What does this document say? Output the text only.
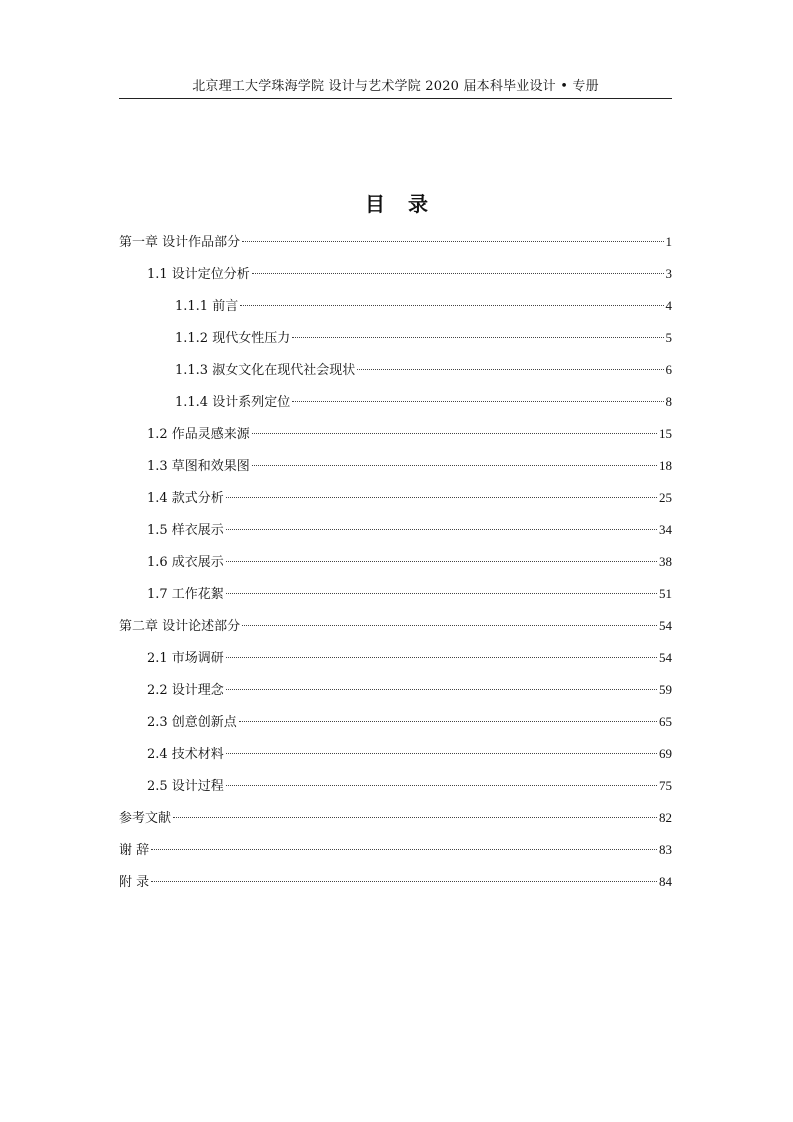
北京理工大学珠海学院 设计与艺术学院 2020 届本科毕业设计 • 专册
目 录
第一章 设计作品部分	1
1.1 设计定位分析	3
1.1.1 前言	4
1.1.2 现代女性压力	5
1.1.3 淑女文化在现代社会现状	6
1.1.4 设计系列定位	8
1.2 作品灵感来源	15
1.3 草图和效果图	18
1.4 款式分析	25
1.5 样衣展示	34
1.6 成衣展示	38
1.7 工作花絮	51
第二章 设计论述部分	54
2.1 市场调研	54
2.2 设计理念	59
2.3 创意创新点	65
2.4 技术材料	69
2.5 设计过程	75
参考文献	82
谢 辞	83
附 录	84
